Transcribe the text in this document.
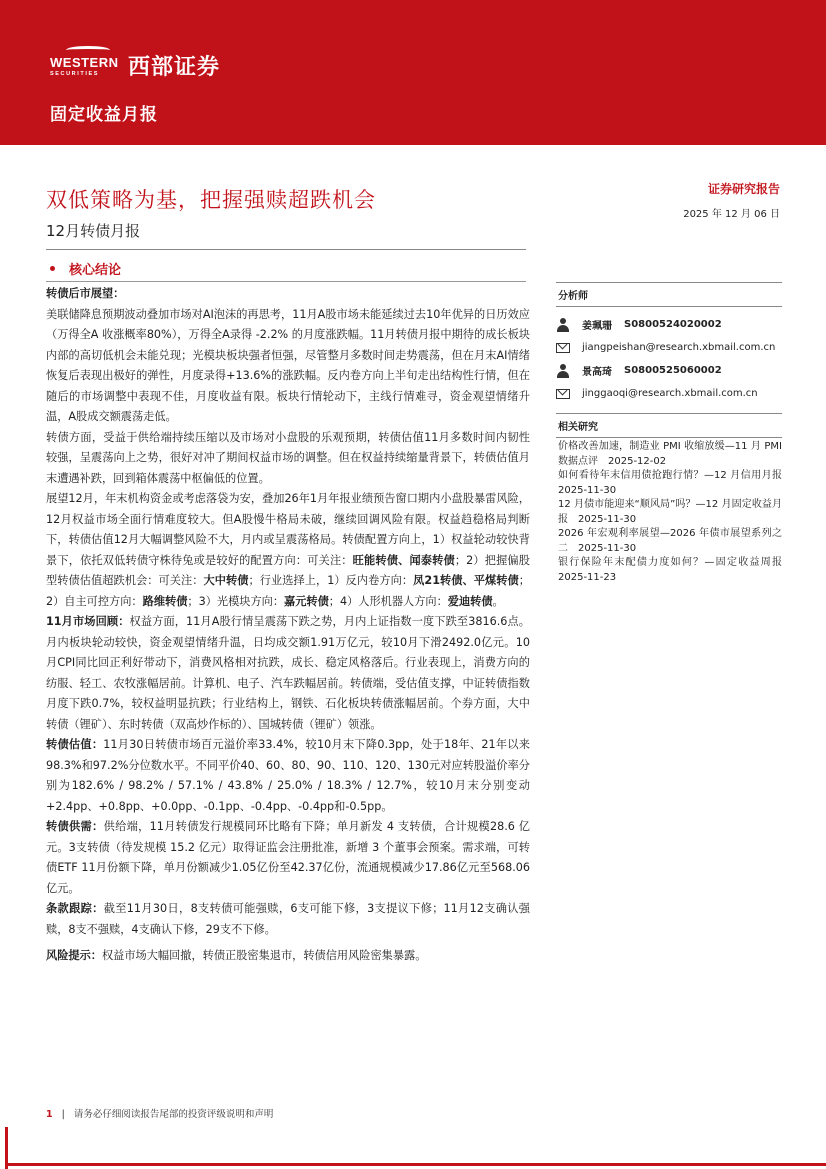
WESTERN
SECURITIES	西部证券
固定收益月报
双低策略为基，把握强赎超跌机会
12月转债月报
证券研究报告
2025 年 12 月 06 日
核心结论
转债后市展望：
美联储降息预期波动叠加市场对AI泡沫的再思考，11月A股市场未能延续过去10年优异的日历效应（万得全A 收涨概率80%），万得全A录得 -2.2% 的月度涨跌幅。11月转债月报中期待的成长板块内部的高切低机会未能兑现；光模块板块强者恒强，尽管整月多数时间走势震荡，但在月末AI情绪恢复后表现出极好的弹性，月度录得+13.6%的涨跌幅。反内卷方向上半旬走出结构性行情，但在随后的市场调整中表现不佳，月度收益有限。板块行情轮动下，主线行情难寻，资金观望情绪升温，A股成交额震荡走低。
转债方面，受益于供给端持续压缩以及市场对小盘股的乐观预期，转债估值11月多数时间内韧性较强，呈震荡向上之势，很好对冲了期间权益市场的调整。但在权益持续缩量背景下，转债估值月末遭遇补跌，回到箱体震荡中枢偏低的位置。
展望12月，年末机构资金或考虑落袋为安，叠加26年1月年报业绩预告窗口期内小盘股暴雷风险，12月权益市场全面行情难度较大。但A股慢牛格局未破，继续回调风险有限。权益趋稳格局判断下，转债估值12月大幅调整风险不大，月内或呈震荡格局。转债配置方向上，1）权益轮动较快背景下，依托双低转债守株待兔或是较好的配置方向：可关注：旺能转债、闻泰转债；2）把握偏股型转债估值超跌机会：可关注：大中转债；行业选择上，1）反内卷方向：凤21转债、平煤转债；2）自主可控方向：路维转债；3）光模块方向：嘉元转债；4）人形机器人方向：爱迪转债。
11月市场回顾：权益方面，11月A股行情呈震荡下跌之势，月内上证指数一度下跌至3816.6点。月内板块轮动较快，资金观望情绪升温，日均成交额1.91万亿元，较10月下滑2492.0亿元。10月CPI同比回正利好带动下，消费风格相对抗跌，成长、稳定风格落后。行业表现上，消费方向的纺服、轻工、农牧涨幅居前。计算机、电子、汽车跌幅居前。转债端，受估值支撑，中证转债指数月度下跌0.7%，较权益明显抗跌；行业结构上，钢铁、石化板块转债涨幅居前。个券方面，大中转债（锂矿）、东时转债（双高炒作标的）、国城转债（锂矿）领涨。
转债估值：11月30日转债市场百元溢价率33.4%，较10月末下降0.3pp，处于18年、21年以来98.3%和97.2%分位数水平。不同平价40、60、80、90、110、120、130元对应转股溢价率分别为182.6% / 98.2% / 57.1% / 43.8% / 25.0% / 18.3% / 12.7%，较10月末分别变动+2.4pp、+0.8pp、+0.0pp、-0.1pp、-0.4pp、-0.4pp和-0.5pp。
转债供需：供给端，11月转债发行规模同环比略有下降；单月新发 4 支转债，合计规模28.6 亿元。3支转债（待发规模 15.2 亿元）取得证监会注册批准，新增 3 个董事会预案。需求端，可转债ETF 11月份额下降，单月份额减少1.05亿份至42.37亿份，流通规模减少17.86亿元至568.06亿元。
条款跟踪：截至11月30日，8支转债可能强赎，6支可能下修，3支提议下修；11月12支确认强赎，8支不强赎，4支确认下修，29支不下修。
风险提示：权益市场大幅回撤，转债正股密集退市，转债信用风险密集暴露。
分析师
姜珮珊 S0800524020002
jiangpeishan@research.xbmail.com.cn
景高琦 S0800525060002
jinggaoqi@research.xbmail.com.cn
相关研究
价格改善加速，制造业 PMI 收缩放缓—11 月 PMI 数据点评　2025-12-02
如何看待年末信用债抢跑行情？—12 月信用月报　2025-11-30
12 月债市能迎来“顺风局”吗？—12 月固定收益月报　2025-11-30
2026 年宏观利率展望—2026 年债市展望系列之二　2025-11-30
银行保险年末配债力度如何？—固定收益周报　2025-11-23
1 | 请务必仔细阅读报告尾部的投资评级说明和声明
